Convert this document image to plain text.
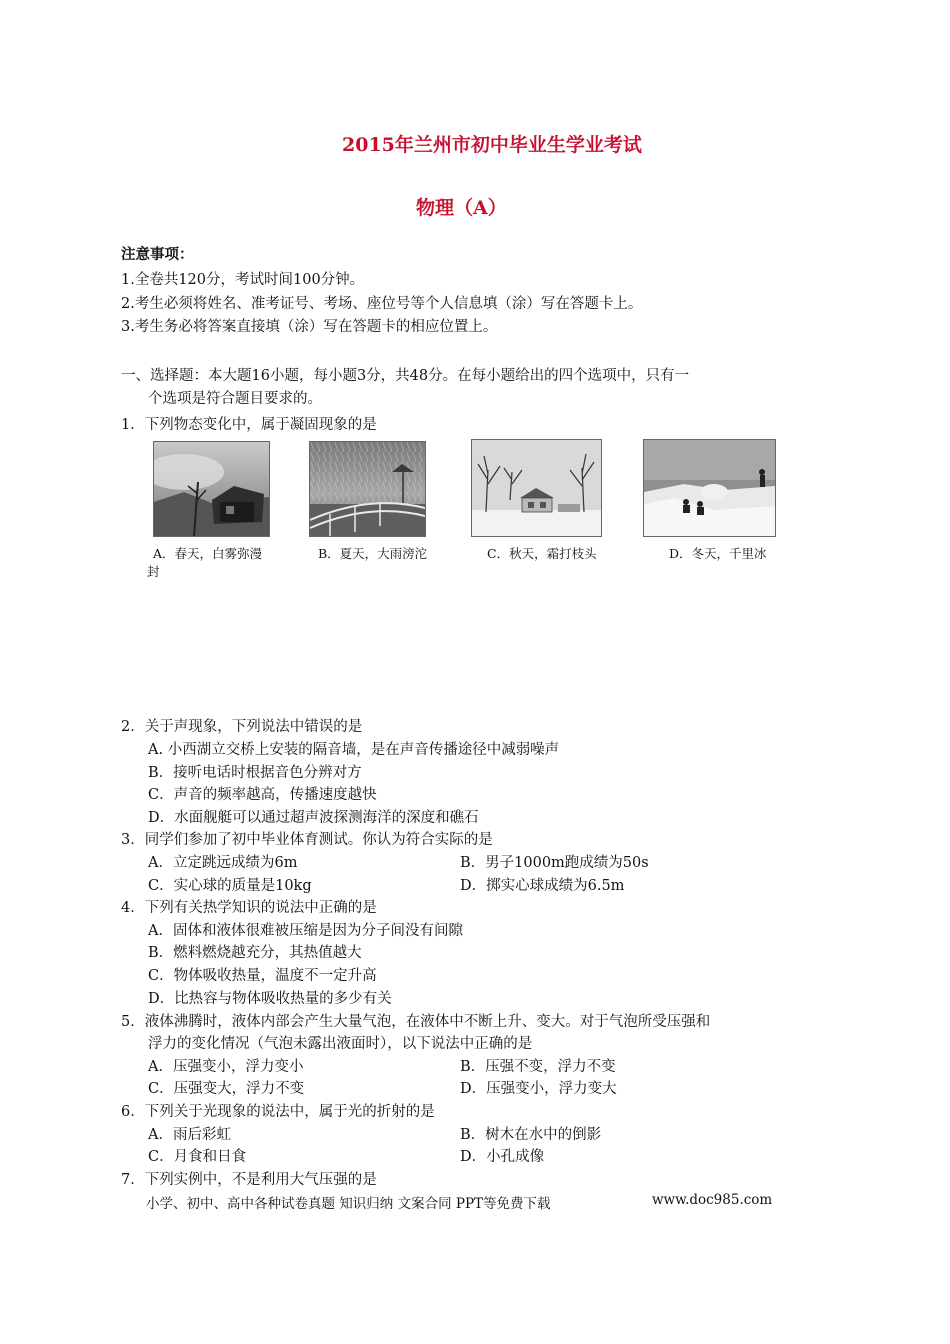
2015年兰州市初中毕业生学业考试
物理（A）
注意事项：
1.全卷共120分，考试时间100分钟。
2.考生必须将姓名、准考证号、考场、座位号等个人信息填（涂）写在答题卡上。
3.考生务必将答案直接填（涂）写在答题卡的相应位置上。
一、选择题：本大题16小题，每小题3分，共48分。在每小题给出的四个选项中，只有一
个选项是符合题目要求的。
1．下列物态变化中，属于凝固现象的是
A．春天，白雾弥漫
封
B．夏天，大雨滂沱	C．秋天，霜打枝头	D．冬天，千里冰
2．关于声现象，下列说法中错误的是
A. 小西湖立交桥上安装的隔音墙，是在声音传播途径中减弱噪声
B．接听电话时根据音色分辨对方
C．声音的频率越高，传播速度越快
D．水面舰艇可以通过超声波探测海洋的深度和礁石
3．同学们参加了初中毕业体育测试。你认为符合实际的是
A．立定跳远成绩为6m	B．男子1000m跑成绩为50s
C．实心球的质量是10kg	D．掷实心球成绩为6.5m
4．下列有关热学知识的说法中正确的是
A．固体和液体很难被压缩是因为分子间没有间隙
B．燃料燃烧越充分，其热值越大
C．物体吸收热量，温度不一定升高
D．比热容与物体吸收热量的多少有关
5．液体沸腾时，液体内部会产生大量气泡，在液体中不断上升、变大。对于气泡所受压强和
浮力的变化情况（气泡未露出液面时），以下说法中正确的是
A．压强变小，浮力变小	B．压强不变，浮力不变
C．压强变大，浮力不变	D．压强变小，浮力变大
6．下列关于光现象的说法中，属于光的折射的是
A．雨后彩虹	B．树木在水中的倒影
C．月食和日食	D．小孔成像
7．下列实例中，不是利用大气压强的是
小学、初中、高中各种试卷真题 知识归纳 文案合同 PPT等免费下载	www.doc985.com
